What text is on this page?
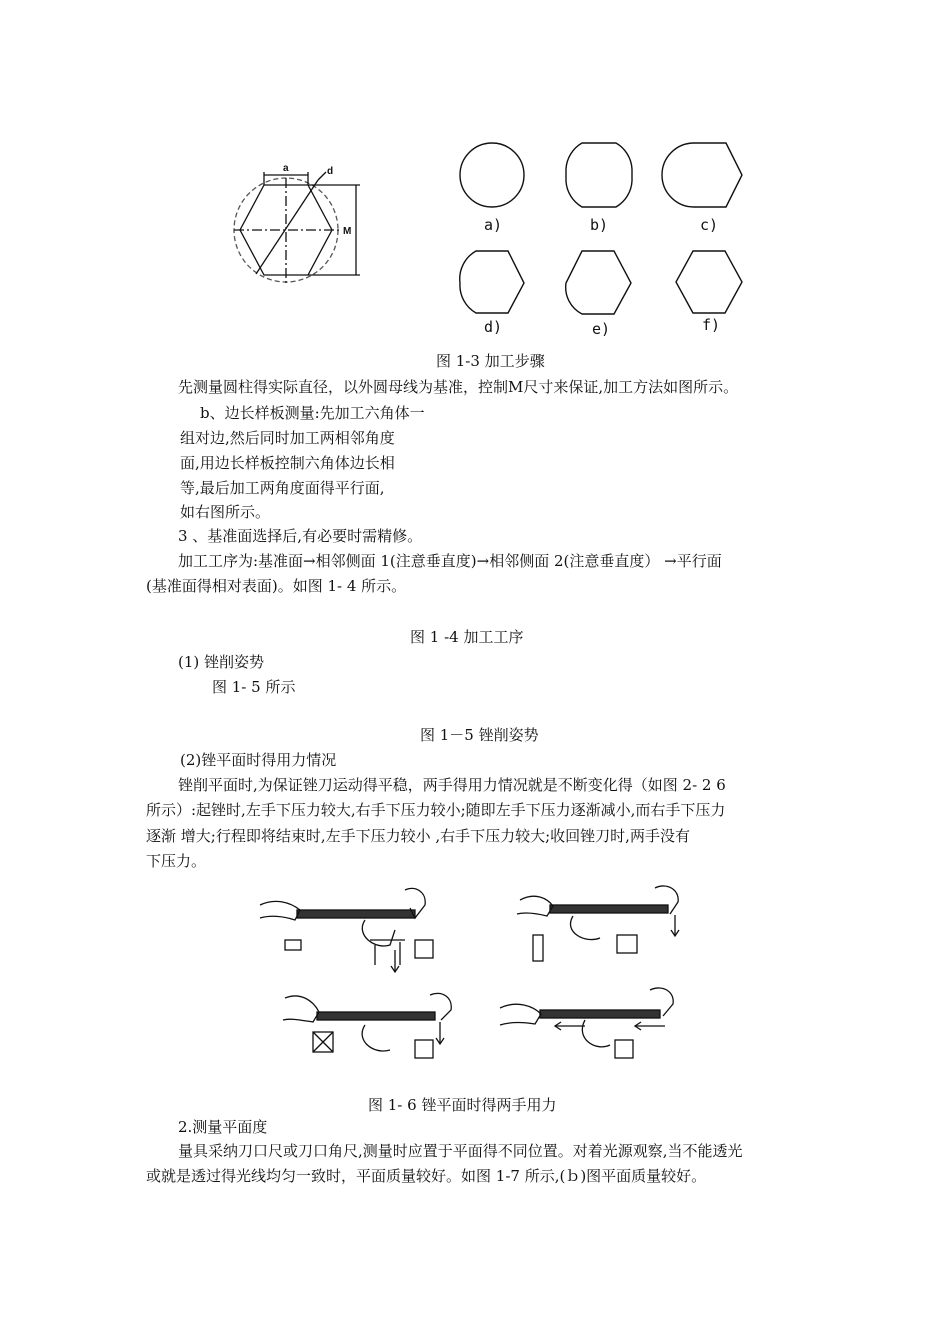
a	d
M	a)	b)	c)
d)	e)	f)
图 1-3 加工步骤
先测量圆柱得实际直径，以外圆母线为基准，控制M尺寸来保证,加工方法如图所示。
b、边长样板测量:先加工六角体一
组对边,然后同时加工两相邻角度
面,用边长样板控制六角体边长相
等,最后加工两角度面得平行面,
如右图所示。
3 、基准面选择后,有必要时需精修。
加工工序为:基准面→相邻侧面 1(注意垂直度)→相邻侧面 2(注意垂直度） →平行面
(基准面得相对表面)。如图 1- 4 所示。
图 1 -4 加工工序
(1) 锉削姿势
图 1- 5 所示
图 1－5 锉削姿势
(2)锉平面时得用力情况
锉削平面时,为保证锉刀运动得平稳，两手得用力情况就是不断变化得（如图 2- 2 6
所示）:起锉时,左手下压力较大,右手下压力较小;随即左手下压力逐渐减小,而右手下压力
逐渐 增大;行程即将结束时,左手下压力较小 ,右手下压力较大;收回锉刀时,两手没有
下压力。
图 1- 6 锉平面时得两手用力
2.测量平面度
量具采纳刀口尺或刀口角尺,测量时应置于平面得不同位置。对着光源观察,当不能透光
或就是透过得光线均匀一致时，平面质量较好。如图 1-7 所示,(ｂ)图平面质量较好。
